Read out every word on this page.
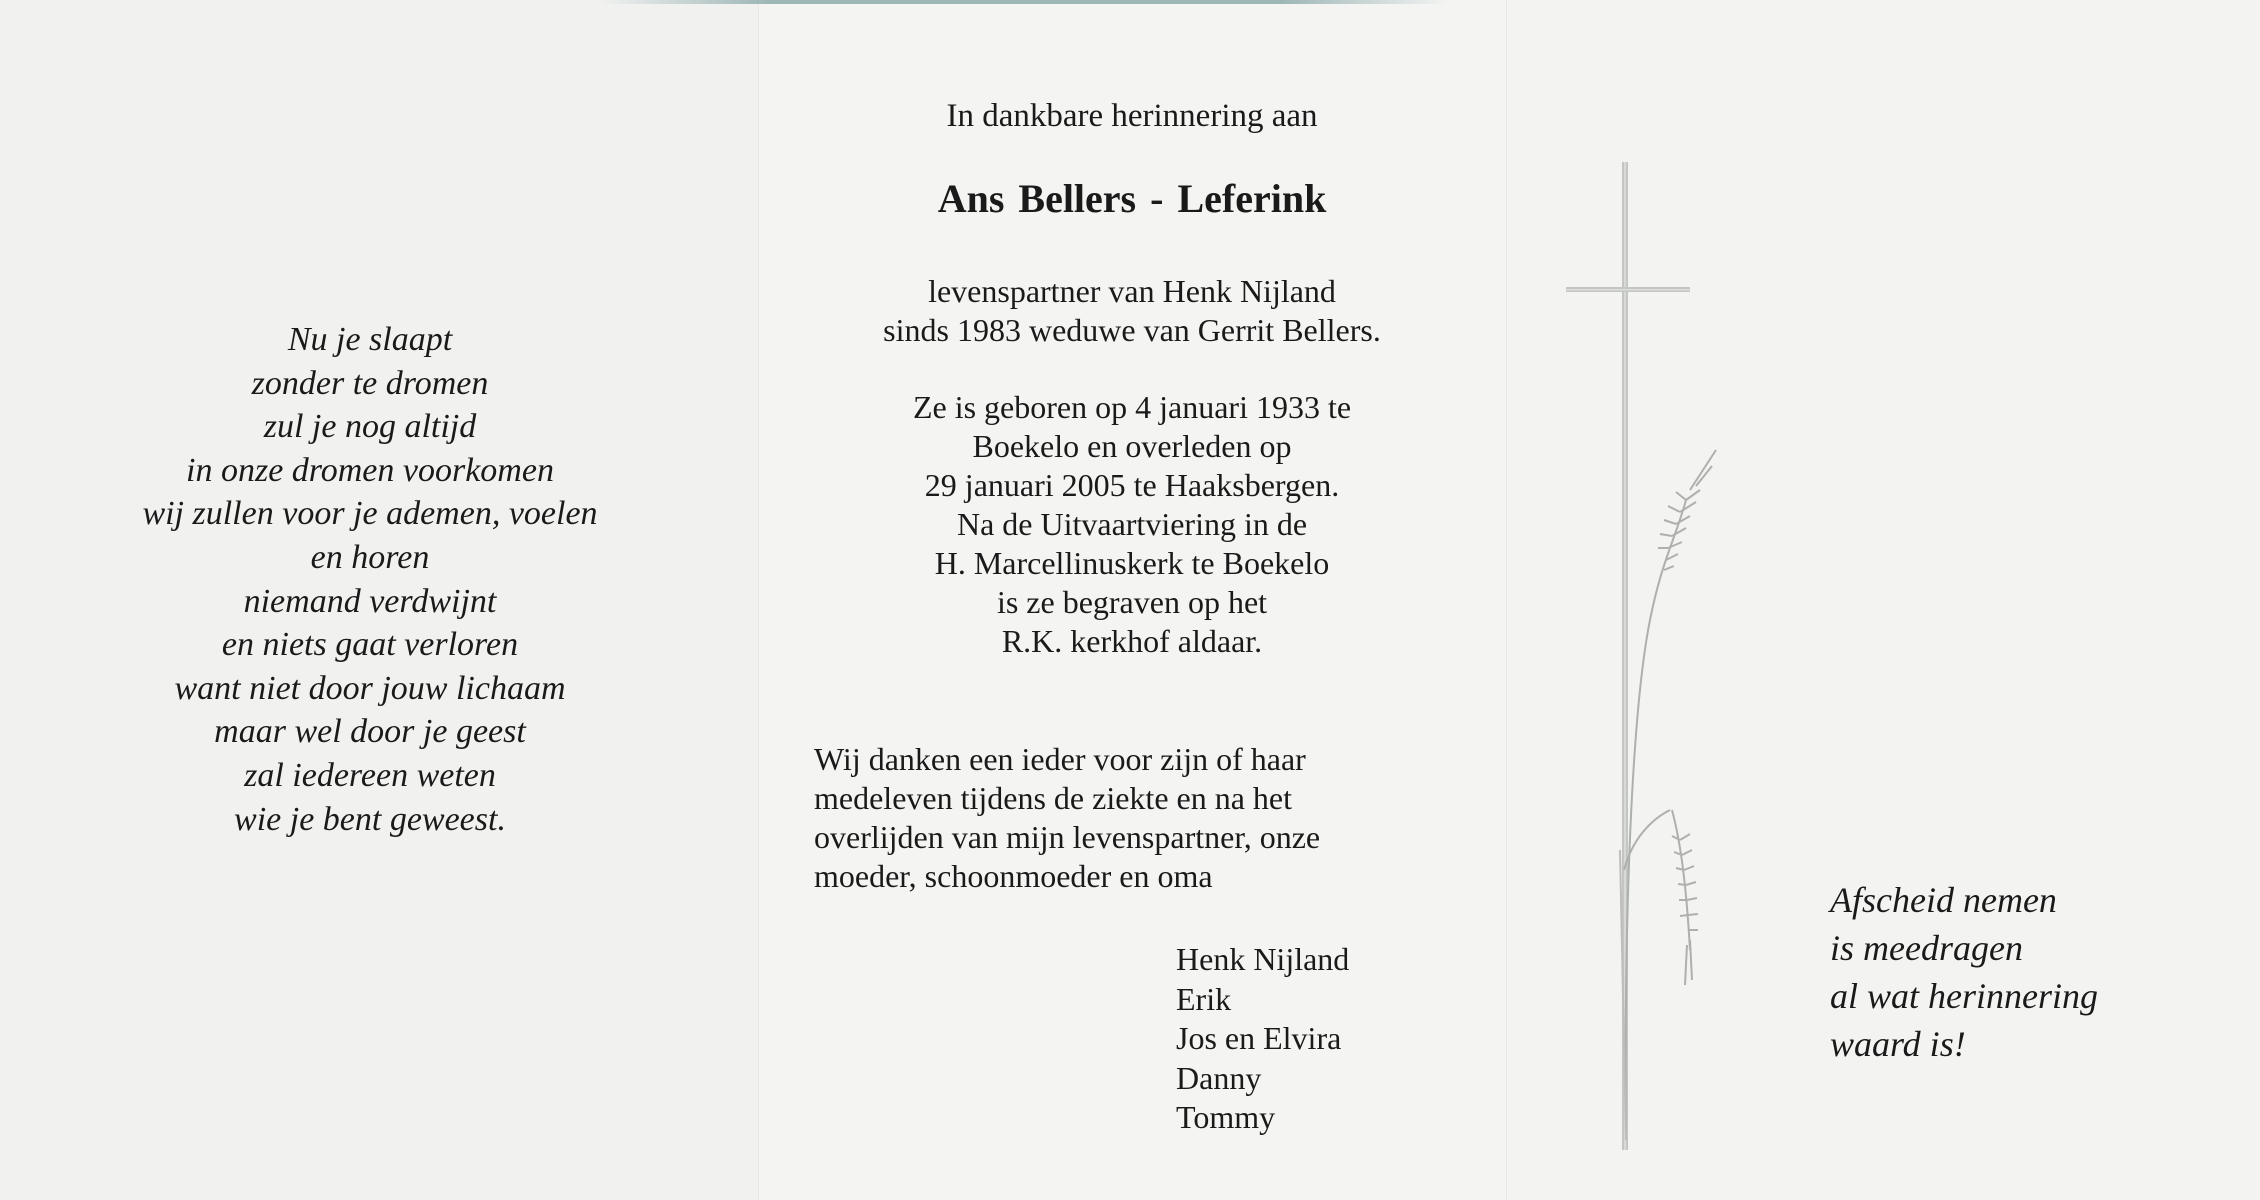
Nu je slaapt
zonder te dromen
zul je nog altijd
in onze dromen voorkomen
wij zullen voor je ademen, voelen
en horen
niemand verdwijnt
en niets gaat verloren
want niet door jouw lichaam
maar wel door je geest
zal iedereen weten
wie je bent geweest.
In dankbare herinnering aan
Ans Bellers - Leferink
levenspartner van Henk Nijland
sinds 1983 weduwe van Gerrit Bellers.
Ze is geboren op 4 januari 1933 te
Boekelo en overleden op
29 januari 2005 te Haaksbergen.
Na de Uitvaartviering in de
H. Marcellinuskerk te Boekelo
is ze begraven op het
R.K. kerkhof aldaar.
Wij danken een ieder voor zijn of haar
medeleven tijdens de ziekte en na het
overlijden van mijn levenspartner, onze
moeder, schoonmoeder en oma
Henk Nijland
Erik
Jos en Elvira
Danny
Tommy
Afscheid nemen
is meedragen
al wat herinnering
waard is!
